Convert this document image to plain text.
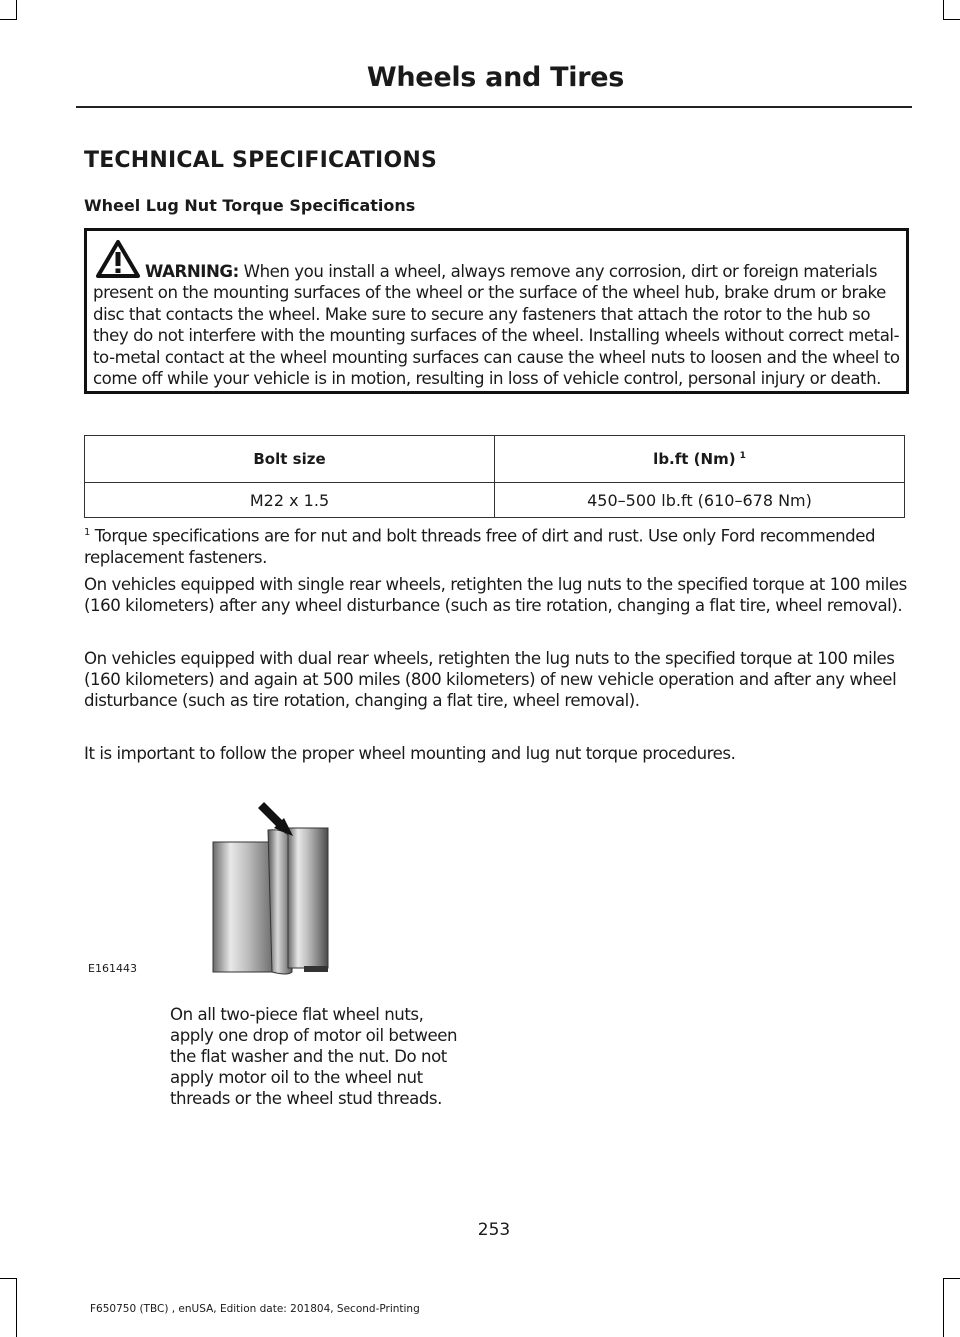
Wheels and Tires
TECHNICAL SPECIFICATIONS
Wheel Lug Nut Torque Specifications
WARNING: When you install a wheel, always remove any corrosion, dirt or foreign materials present on the mounting surfaces of the wheel or the surface of the wheel hub, brake drum or brake disc that contacts the wheel. Make sure to secure any fasteners that attach the rotor to the hub so they do not interfere with the mounting surfaces of the wheel. Installing wheels without correct metal-to-metal contact at the wheel mounting surfaces can cause the wheel nuts to loosen and the wheel to come off while your vehicle is in motion, resulting in loss of vehicle control, personal injury or death.
Bolt size	lb.ft (Nm) $^1$
M22 x 1.5	450–500 lb.ft (610–678 Nm)
$^1$ Torque specifications are for nut and bolt threads free of dirt and rust. Use only Ford recommended replacement fasteners.
On vehicles equipped with single rear wheels, retighten the lug nuts to the specified torque at 100 miles (160 kilometers) after any wheel disturbance (such as tire rotation, changing a flat tire, wheel removal).
On vehicles equipped with dual rear wheels, retighten the lug nuts to the specified torque at 100 miles (160 kilometers) and again at 500 miles (800 kilometers) of new vehicle operation and after any wheel disturbance (such as tire rotation, changing a flat tire, wheel removal).
It is important to follow the proper wheel mounting and lug nut torque procedures.
E161443
On all two-piece flat wheel nuts, apply one drop of motor oil between the flat washer and the nut. Do not apply motor oil to the wheel nut threads or the wheel stud threads.
253
F650750 (TBC) , enUSA, Edition date: 201804, Second-Printing
